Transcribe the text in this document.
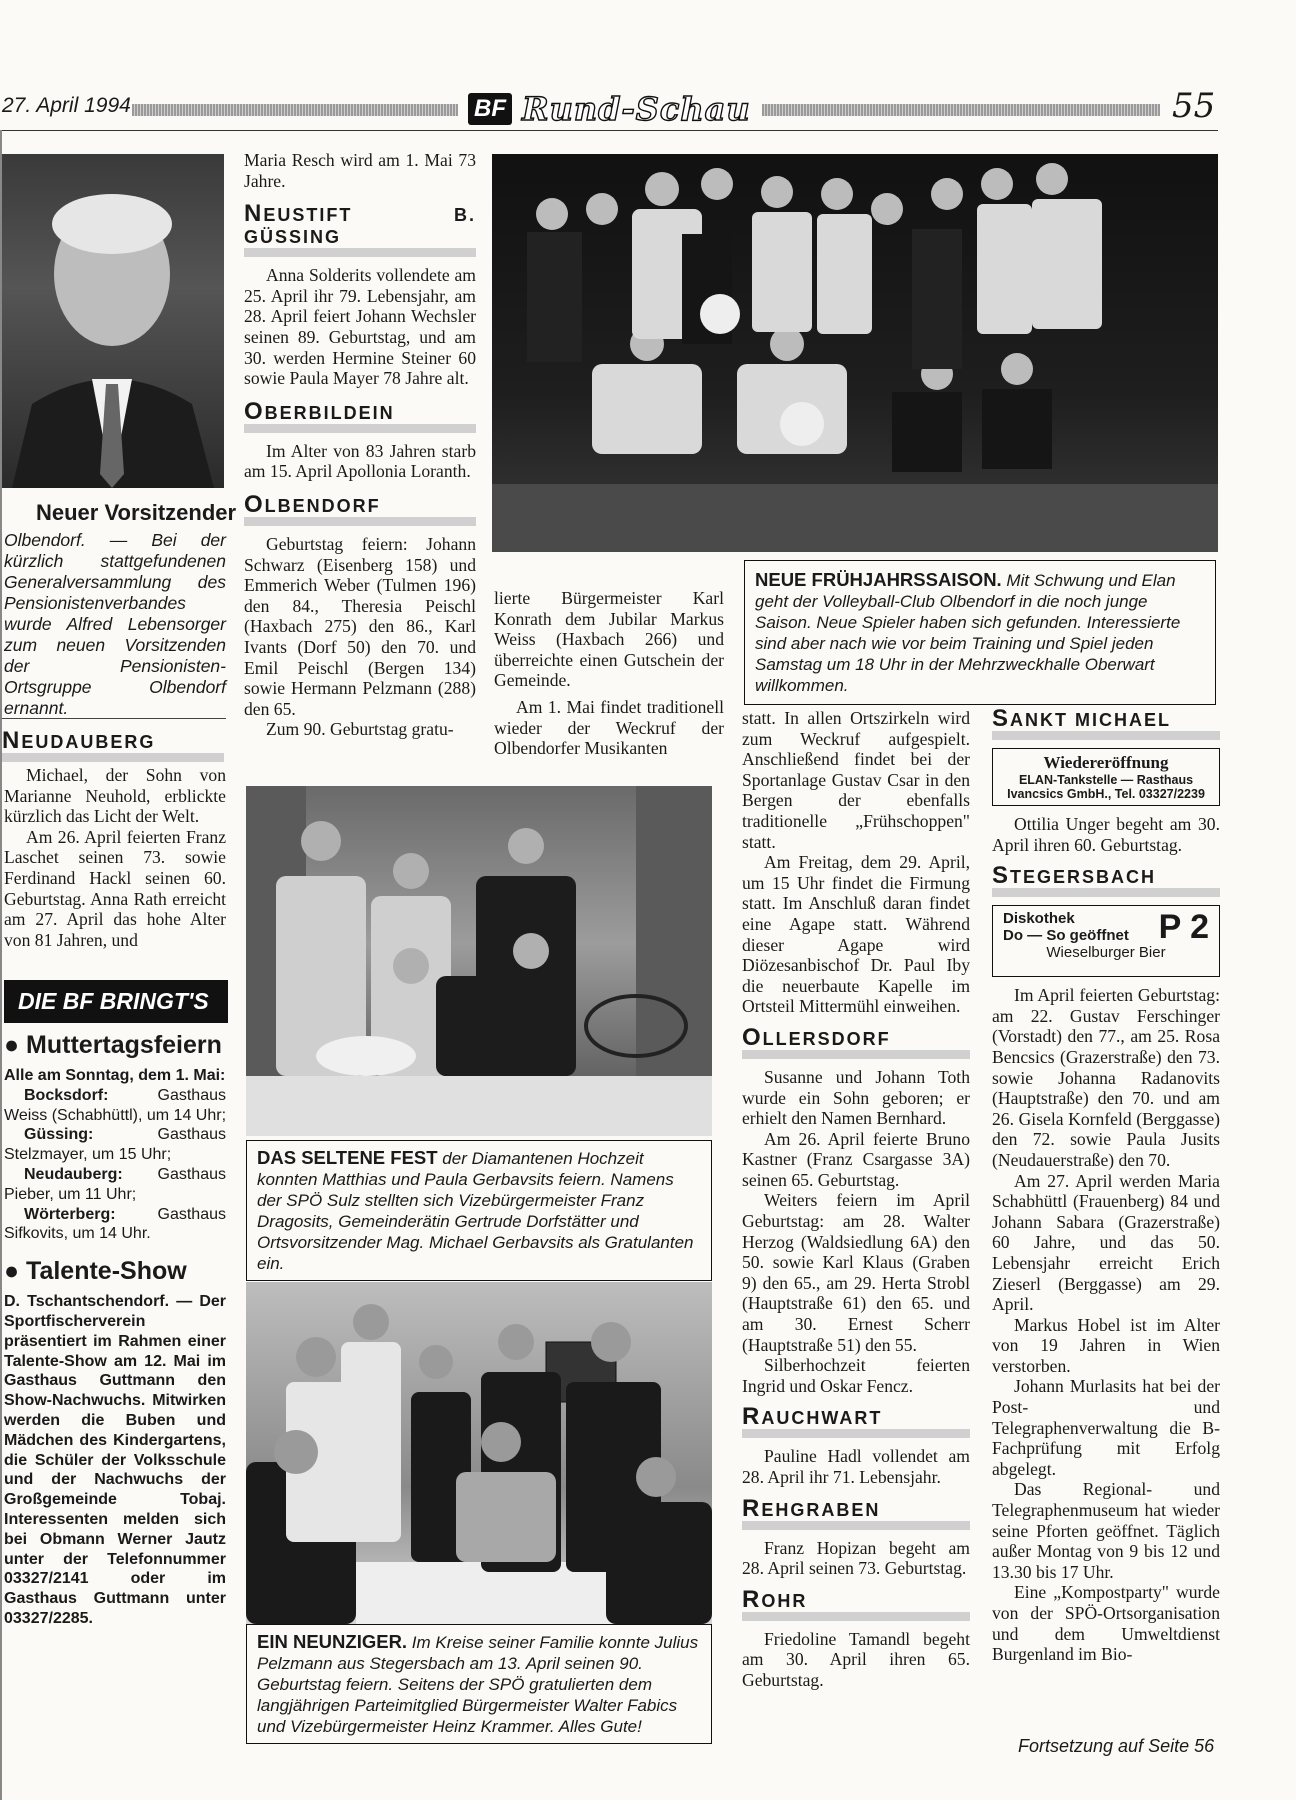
27. April 1994	BF Rund-Schau	55
Neuer Vorsitzender
Olbendorf. — Bei der kürzlich stattgefundenen Generalversammlung des Pensionistenverbandes wurde Alfred Lebensorger zum neuen Vorsitzenden der Pensionisten-Ortsgruppe Olbendorf ernannt.
NEUDAUBERG

Michael, der Sohn von Marianne Neuhold, erblickte kürzlich das Licht der Welt.

Am 26. April feierten Franz Laschet seinen 73. sowie Ferdinand Hackl seinen 60. Geburtstag. Anna Rath erreicht am 27. April das hohe Alter von 81 Jahren, und

DIE BF BRINGT'S
● Muttertagsfeiern
Alle am Sonntag, dem 1. Mai:
Bocksdorf: Gasthaus Weiss (Schabhüttl), um 14 Uhr;
Güssing: Gasthaus Stelzmayer, um 15 Uhr;
Neudauberg: Gasthaus Pieber, um 11 Uhr;
Wörterberg: Gasthaus Sifkovits, um 14 Uhr.
● Talente-Show
D. Tschantschendorf. — Der Sportfischerverein präsentiert im Rahmen einer Talente-Show am 12. Mai im Gasthaus Guttmann den Show-Nachwuchs. Mitwirken werden die Buben und Mädchen des Kindergartens, die Schüler der Volksschule und der Nachwuchs der Großgemeinde Tobaj. Interessenten melden sich bei Obmann Werner Jautz unter der Telefonnummer 03327/2141 oder im Gasthaus Guttmann unter 03327/2285.

Maria Resch wird am 1. Mai 73 Jahre.

NEUSTIFT B. GÜSSING

Anna Solderits vollendete am 25. April ihr 79. Lebensjahr, am 28. April feiert Johann Wechsler seinen 89. Geburtstag, und am 30. werden Hermine Steiner 60 sowie Paula Mayer 78 Jahre alt.

OBERBILDEIN

Im Alter von 83 Jahren starb am 15. April Apollonia Loranth.

OLBENDORF

Geburtstag feiern: Johann Schwarz (Eisenberg 158) und Emmerich Weber (Tulmen 196) den 84., Theresia Peischl (Haxbach 275) den 86., Karl Ivants (Dorf 50) den 70. und Emil Peischl (Bergen 134) sowie Hermann Pelzmann (288) den 65.

Zum 90. Geburtstag gratu-

NEUE FRÜHJAHRSSAISON. Mit Schwung und Elan geht der Volleyball-Club Olbendorf in die noch junge Saison. Neue Spieler haben sich gefunden. Interessierte sind aber nach wie vor beim Training und Spiel jeden Samstag um 18 Uhr in der Mehrzweckhalle Oberwart willkommen.

lierte Bürgermeister Karl Konrath dem Jubilar Markus Weiss (Haxbach 266) und überreichte einen Gutschein der Gemeinde.

Am 1. Mai findet traditionell wieder der Weckruf der Olbendorfer Musikanten

DAS SELTENE FEST der Diamantenen Hochzeit konnten Matthias und Paula Gerbavsits feiern. Namens der SPÖ Sulz stellten sich Vizebürgermeister Franz Dragosits, Gemeinderätin Gertrude Dorfstätter und Ortsvorsitzender Mag. Michael Gerbavsits als Gratulanten ein.
EIN NEUNZIGER. Im Kreise seiner Familie konnte Julius Pelzmann aus Stegersbach am 13. April seinen 90. Geburtstag feiern. Seitens der SPÖ gratulierten dem langjährigen Parteimitglied Bürgermeister Walter Fabics und Vizebürgermeister Heinz Krammer. Alles Gute!

statt. In allen Ortszirkeln wird zum Weckruf aufgespielt. Anschließend findet bei der Sportanlage Gustav Csar in den Bergen der ebenfalls traditionelle „Frühschoppen" statt.

Am Freitag, dem 29. April, um 15 Uhr findet die Firmung statt. Im Anschluß daran findet eine Agape statt. Während dieser Agape wird Diözesanbischof Dr. Paul Iby die neuerbaute Kapelle im Ortsteil Mittermühl einweihen.

OLLERSDORF

Susanne und Johann Toth wurde ein Sohn geboren; er erhielt den Namen Bernhard.

Am 26. April feierte Bruno Kastner (Franz Csargasse 3A) seinen 65. Geburtstag.

Weiters feiern im April Geburtstag: am 28. Walter Herzog (Waldsiedlung 6A) den 50. sowie Karl Klaus (Graben 9) den 65., am 29. Herta Strobl (Hauptstraße 61) den 65. und am 30. Ernest Scherr (Hauptstraße 51) den 55.

Silberhochzeit feierten Ingrid und Oskar Fencz.

RAUCHWART

Pauline Hadl vollendet am 28. April ihr 71. Lebensjahr.

REHGRABEN

Franz Hopizan begeht am 28. April seinen 73. Geburtstag.

ROHR

Friedoline Tamandl begeht am 30. April ihren 65. Geburtstag.

SANKT MICHAEL
Wiedereröffnung
ELAN-Tankstelle — Rasthaus
Ivancsics GmbH., Tel. 03327/2239

Ottilia Unger begeht am 30. April ihren 60. Geburtstag.

STEGERSBACH
Diskothek
Do — So geöffnet
Wieselburger Bier
P 2

Im April feierten Geburtstag: am 22. Gustav Ferschinger (Vorstadt) den 77., am 25. Rosa Bencsics (Grazerstraße) den 73. sowie Johanna Radanovits (Hauptstraße) den 70. und am 26. Gisela Kornfeld (Berggasse) den 72. sowie Paula Jusits (Neudauerstraße) den 70.

Am 27. April werden Maria Schabhüttl (Frauenberg) 84 und Johann Sabara (Grazerstraße) 60 Jahre, und das 50. Lebensjahr erreicht Erich Zieserl (Berggasse) am 29. April.

Markus Hobel ist im Alter von 19 Jahren in Wien verstorben.

Johann Murlasits hat bei der Post- und Telegraphenverwaltung die B-Fachprüfung mit Erfolg abgelegt.

Das Regional- und Telegraphenmuseum hat wieder seine Pforten geöffnet. Täglich außer Montag von 9 bis 12 und 13.30 bis 17 Uhr.

Eine „Kompostparty" wurde von der SPÖ-Ortsorganisation und dem Umweltdienst Burgenland im Bio-

Fortsetzung auf Seite 56
